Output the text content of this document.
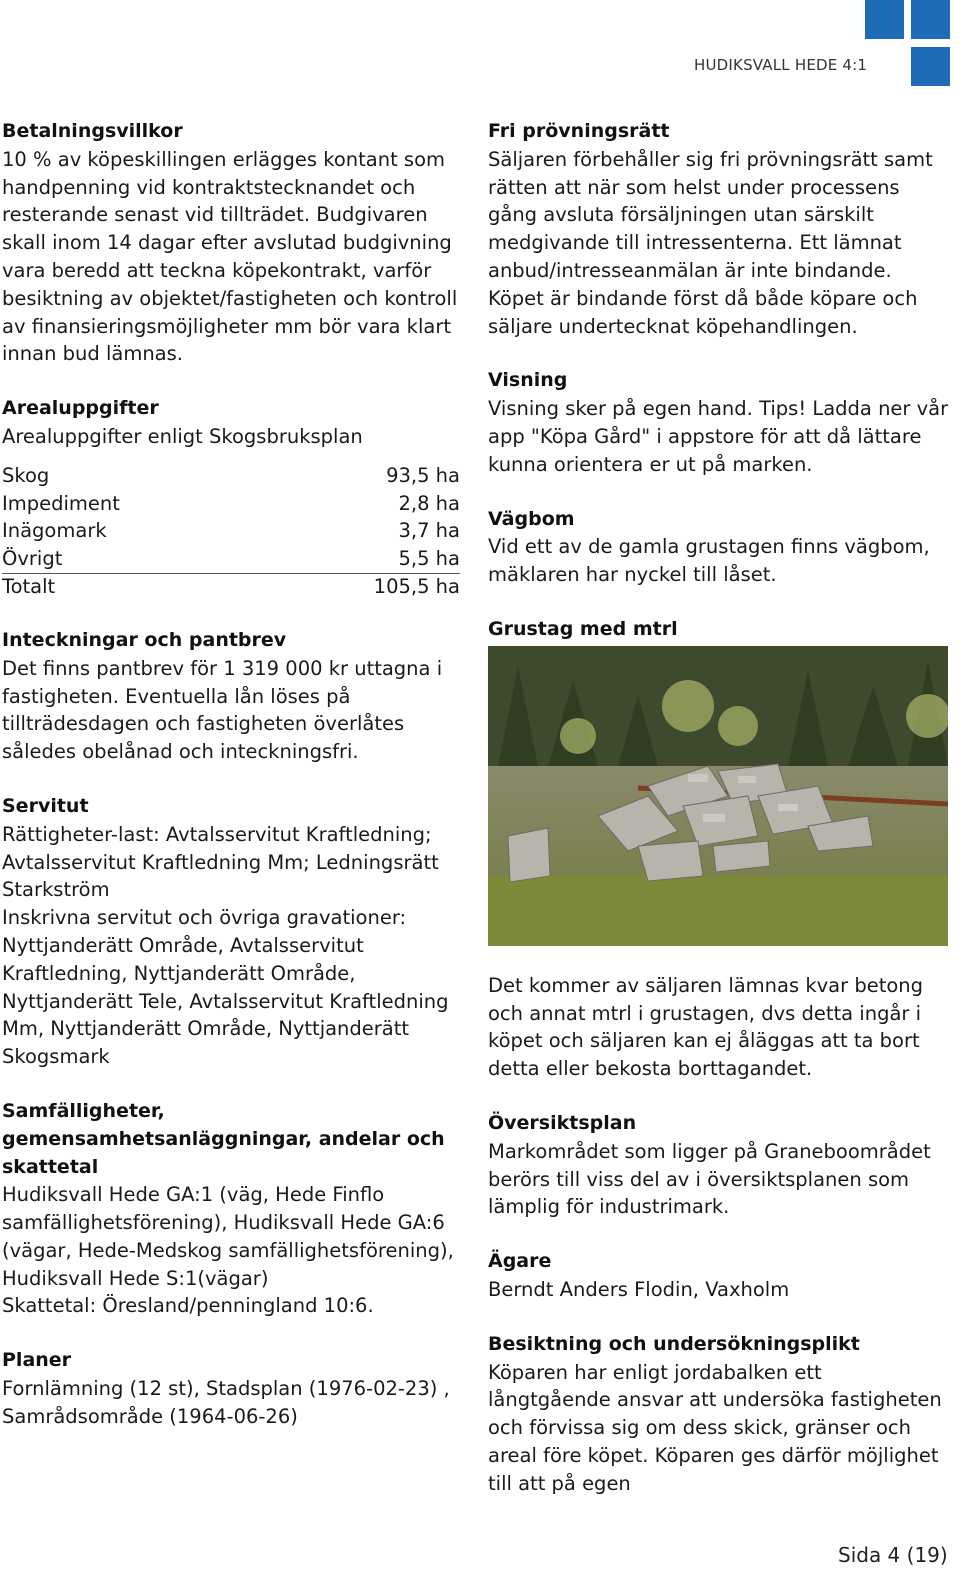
HUDIKSVALL HEDE 4:1
Betalningsvillkor

10 % av köpeskillingen erlägges kontant som handpenning vid kontraktstecknandet och resterande senast vid tillträdet. Budgivaren skall inom 14 dagar efter avslutad budgivning vara beredd att teckna köpekontrakt, varför besiktning av objektet/fastigheten och kontroll av finansieringsmöjligheter mm bör vara klart innan bud lämnas.

Arealuppgifter

Arealuppgifter enligt Skogsbruksplan

Skog	93,5 ha
Impediment	2,8 ha
Inägomark	3,7 ha
Övrigt	5,5 ha
Totalt	105,5 ha
Inteckningar och pantbrev

Det finns pantbrev för 1 319 000 kr uttagna i fastigheten. Eventuella lån löses på tillträdesdagen och fastigheten överlåtes således obelånad och inteckningsfri.

Servitut

Rättigheter-last: Avtalsservitut Kraftledning; Avtalsservitut Kraftledning Mm; Ledningsrätt Starkström

Inskrivna servitut och övriga gravationer: Nyttjanderätt Område, Avtalsservitut Kraftledning, Nyttjanderätt Område, Nyttjanderätt Tele, Avtalsservitut Kraftledning Mm, Nyttjanderätt Område, Nyttjanderätt Skogsmark

Samfälligheter, gemensamhetsanläggningar, andelar och skattetal

Hudiksvall Hede GA:1 (väg, Hede Finflo samfällighetsförening), Hudiksvall Hede GA:6 (vägar, Hede-Medskog samfällighetsförening), Hudiksvall Hede S:1(vägar)

Skattetal: Öresland/penningland 10:6.

Planer

Fornlämning (12 st), Stadsplan (1976-02-23) , Samrådsområde (1964-06-26)

Fri prövningsrätt

Säljaren förbehåller sig fri prövningsrätt samt rätten att när som helst under processens gång avsluta försäljningen utan särskilt medgivande till intressenterna. Ett lämnat anbud/intresseanmälan är inte bindande. Köpet är bindande först då både köpare och säljare undertecknat köpehandlingen.

Visning

Visning sker på egen hand. Tips! Ladda ner vår app "Köpa Gård" i appstore för att då lättare kunna orientera er ut på marken.

Vägbom

Vid ett av de gamla grustagen finns vägbom, mäklaren har nyckel till låset.

Grustag med mtrl

Det kommer av säljaren lämnas kvar betong och annat mtrl i grustagen, dvs detta ingår i köpet och säljaren kan ej åläggas att ta bort detta eller bekosta borttagandet.

Översiktsplan

Markområdet som ligger på Graneboområdet berörs till viss del av i översiktsplanen som lämplig för industrimark.

Ägare

Berndt Anders Flodin, Vaxholm

Besiktning och undersökningsplikt

Köparen har enligt jordabalken ett långtgående ansvar att undersöka fastigheten och förvissa sig om dess skick, gränser och areal före köpet. Köparen ges därför möjlighet till att på egen

Sida 4 (19)
